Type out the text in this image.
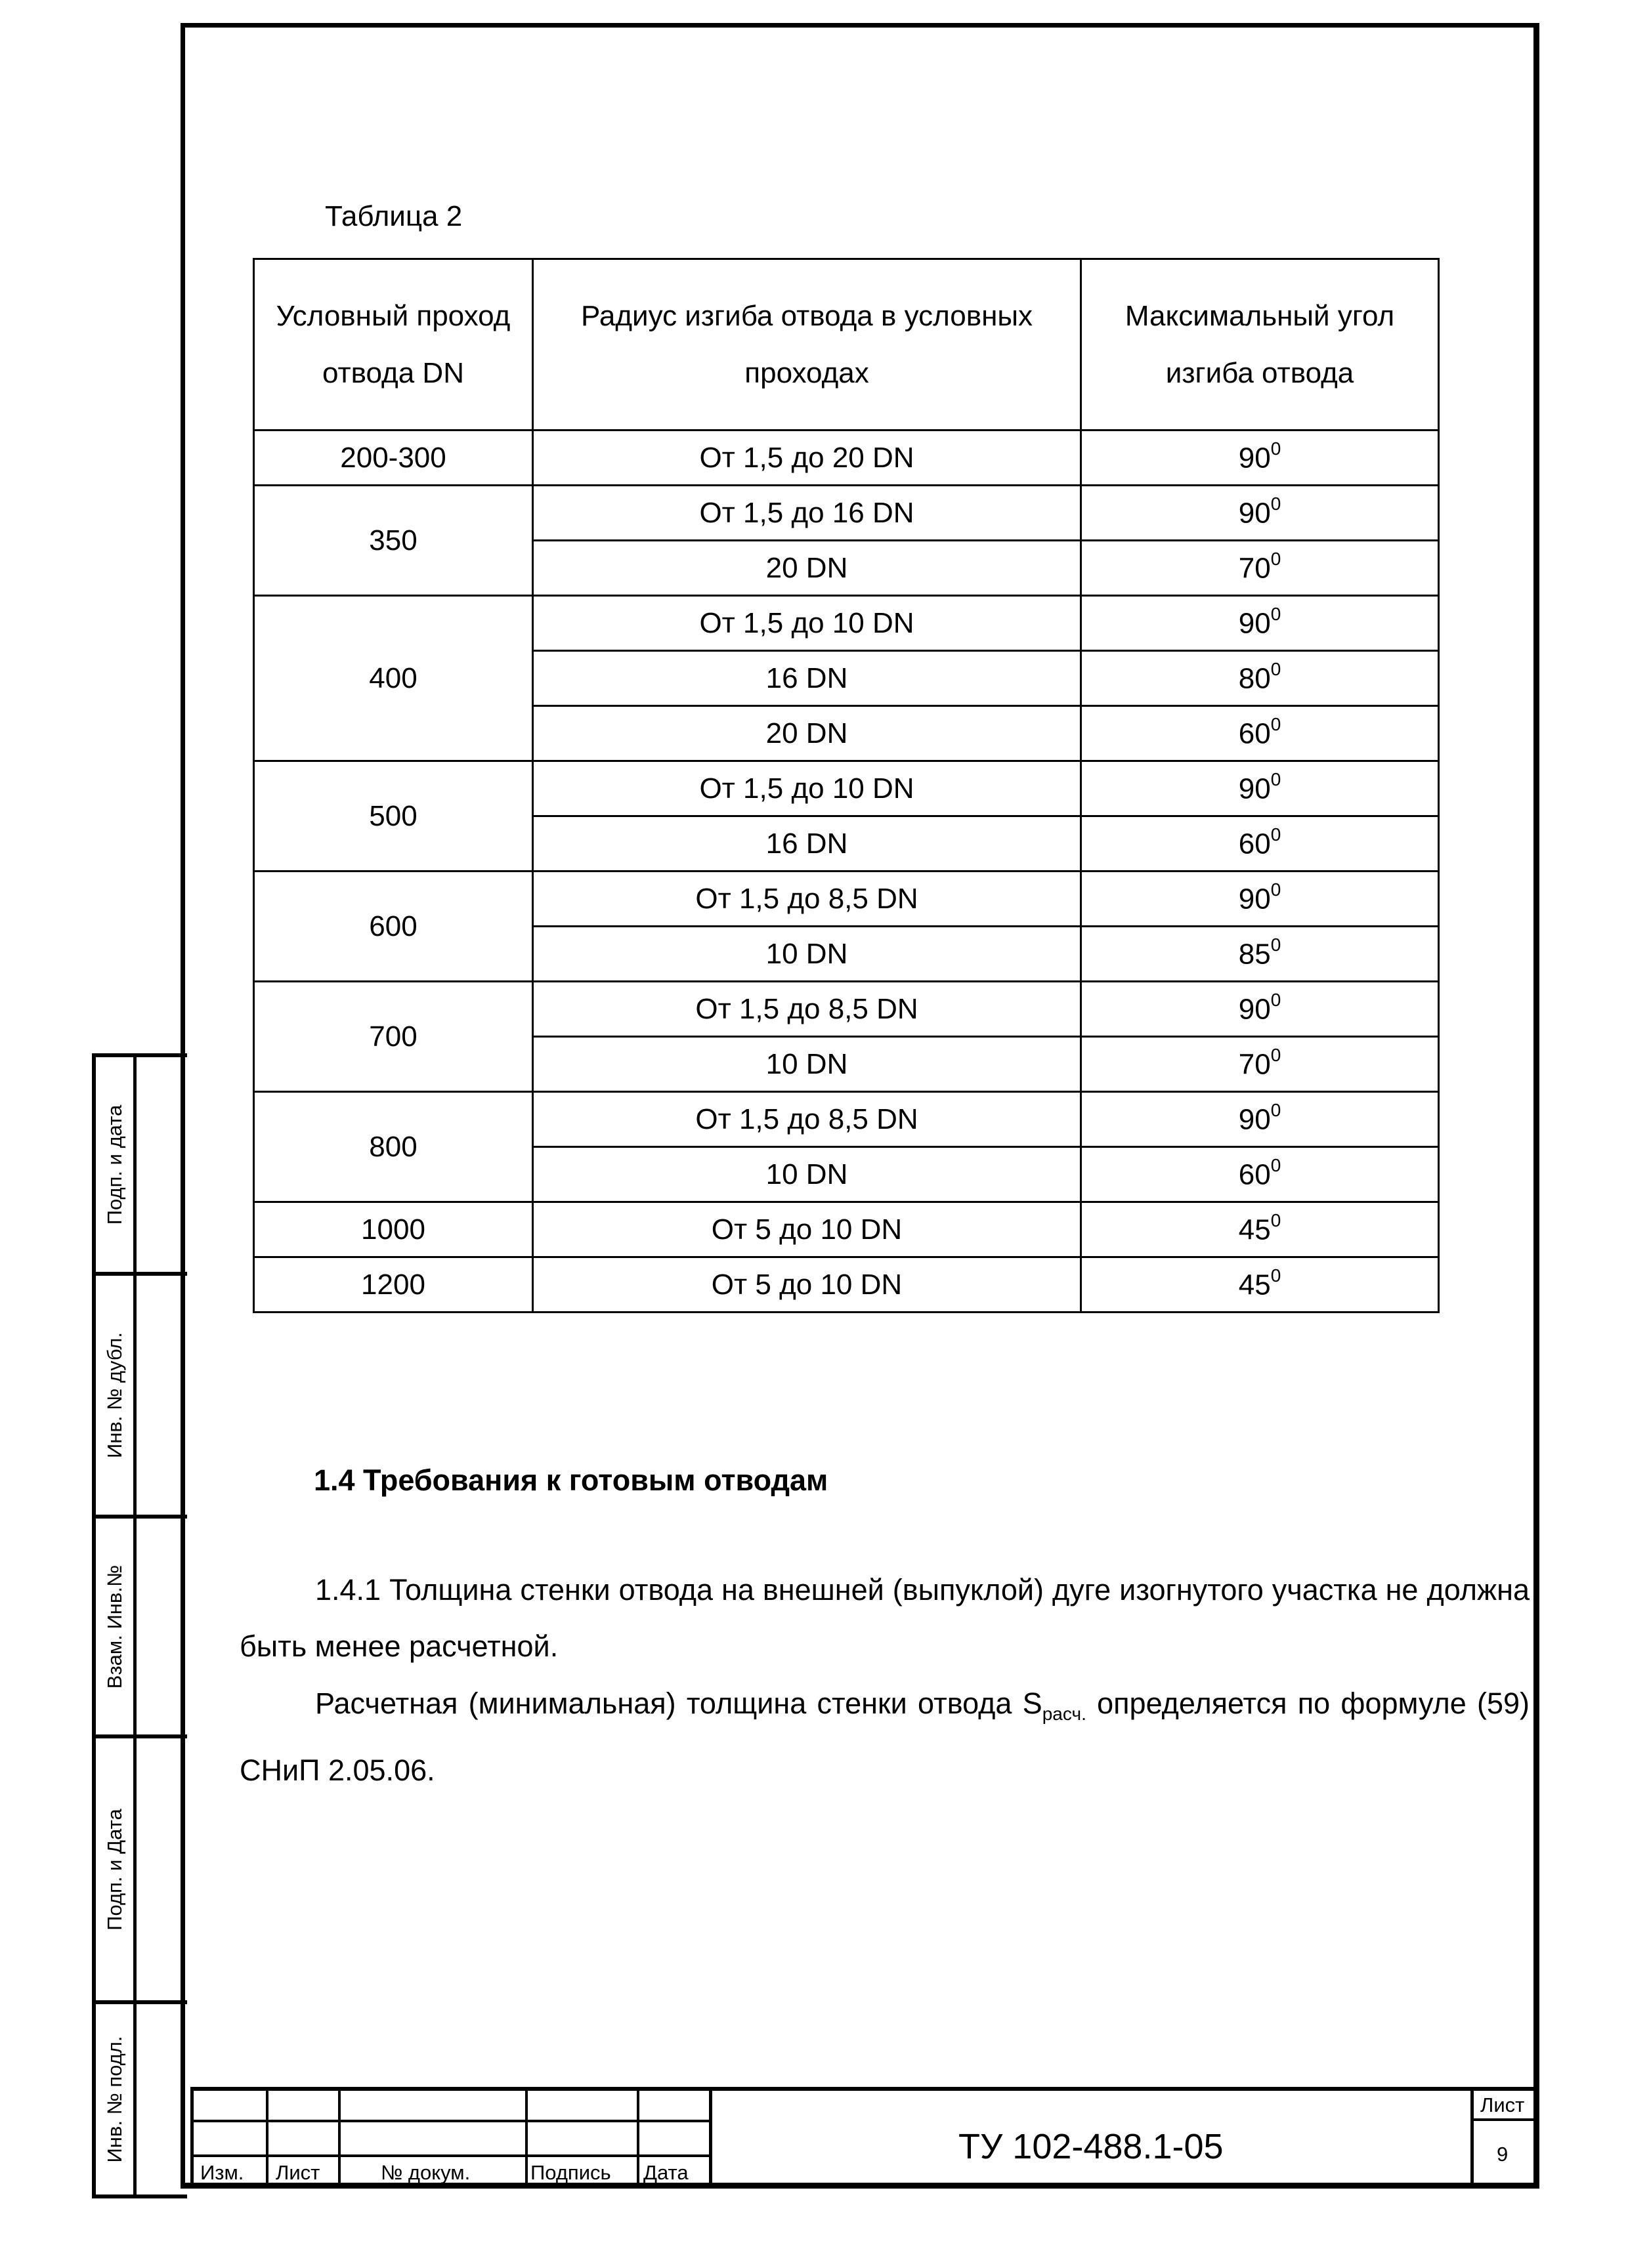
Подп. и дата
Инв. № дубл.
Взам. Инв.№
Подп. и Дата
Инв. № подл.
Таблица 2
Условный проход отвода DN	Радиус изгиба отвода в условных проходах	Максимальный угол изгиба отвода
200-300	От 1,5 до 20 DN	$90^0$
350	От 1,5 до 16 DN	$90^0$
	20 DN	$70^0$
400	От 1,5 до 10 DN	$90^0$
	16 DN	$80^0$
	20 DN	$60^0$
500	От 1,5 до 10 DN	$90^0$
	16 DN	$60^0$
600	От 1,5 до 8,5 DN	$90^0$
	10 DN	$85^0$
700	От 1,5 до 8,5 DN	$90^0$
	10 DN	$70^0$
800	От 1,5 до 8,5 DN	$90^0$
	10 DN	$60^0$
1000	От 5 до 10 DN	$45^0$
1200	От 5 до 10 DN	$45^0$
1.4 Требования к готовым отводам
1.4.1 Толщина стенки отвода на внешней (выпуклой) дуге изогнутого участка не должна быть менее расчетной.
Расчетная (минимальная) толщина стенки отвода $S_{расч.}$ определяется по формуле (59) СНиП 2.05.06.
Изм. Лист	№ докум.	Подпись Дата
Лист
9
ТУ 102-488.1-05
